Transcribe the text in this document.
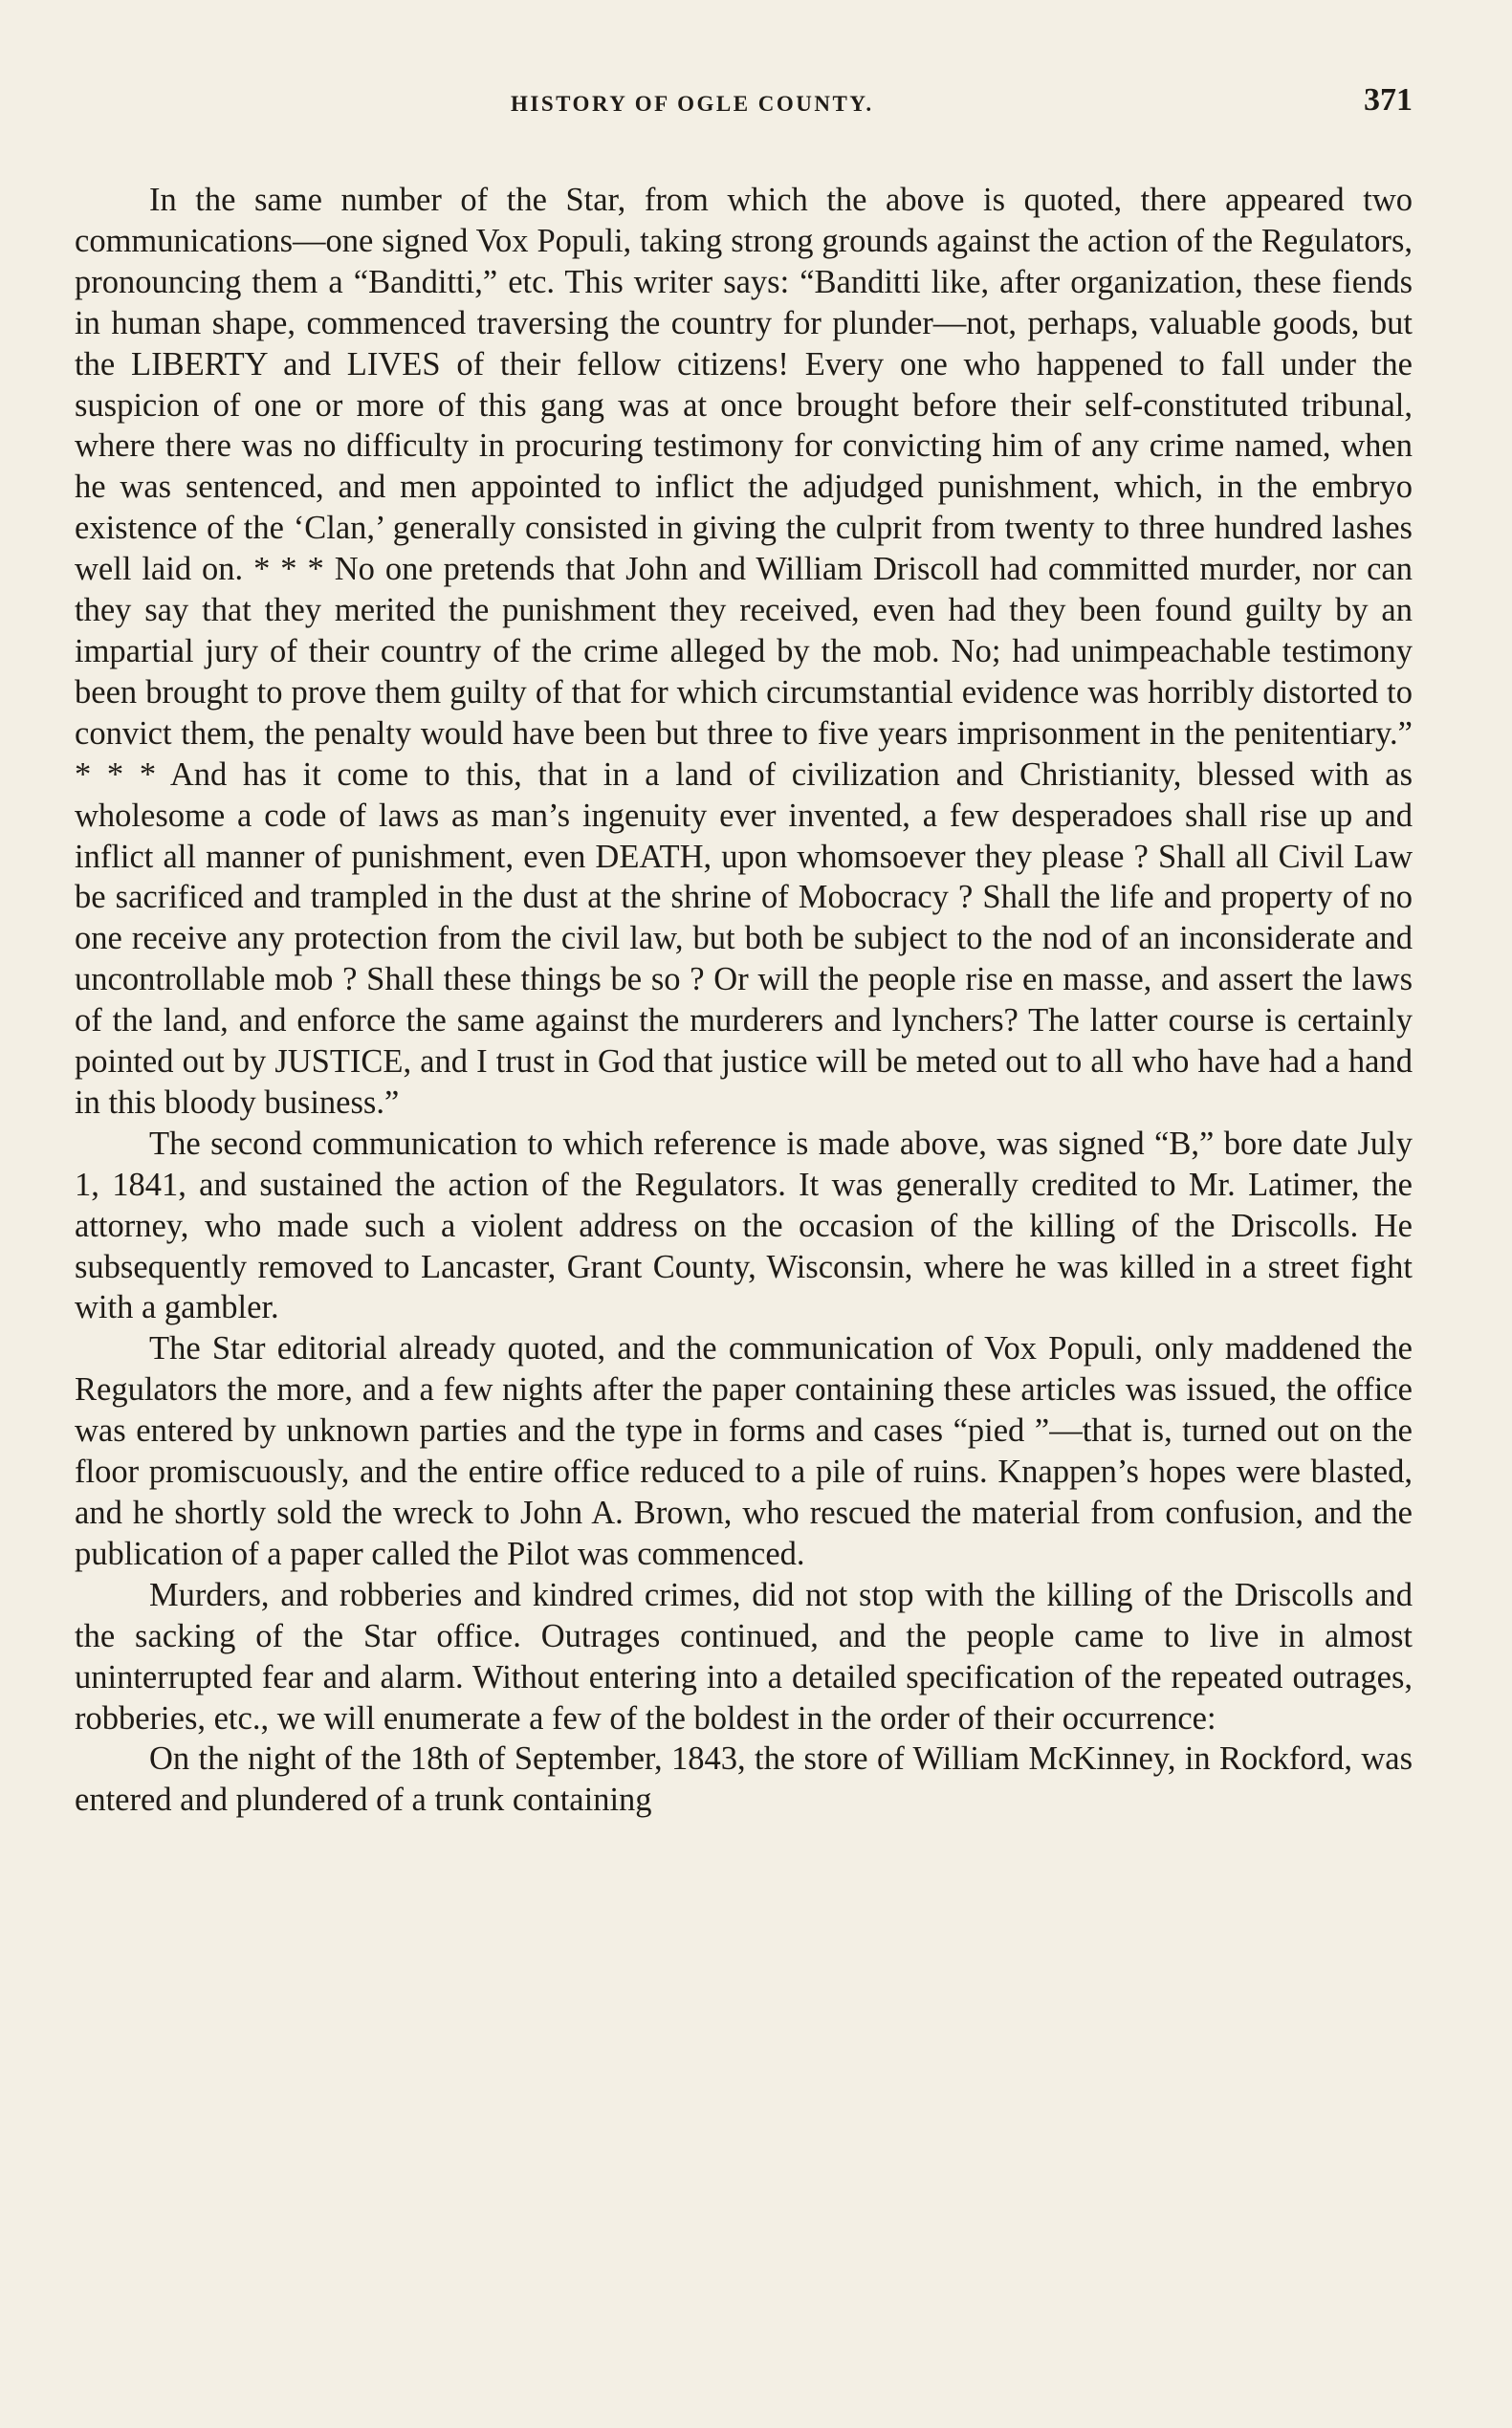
HISTORY OF OGLE COUNTY.	371

In the same number of the Star, from which the above is quoted, there appeared two communications—one signed Vox Populi, taking strong grounds against the action of the Regulators, pronouncing them a “Banditti,” etc. This writer says: “Banditti like, after organization, these fiends in human shape, commenced traversing the country for plunder—not, perhaps, valuable goods, but the LIBERTY and LIVES of their fellow citizens! Every one who happened to fall under the suspicion of one or more of this gang was at once brought before their self-constituted tribunal, where there was no difficulty in procuring testimony for convicting him of any crime named, when he was sentenced, and men appointed to inflict the adjudged punishment, which, in the embryo existence of the ‘Clan,’ generally consisted in giving the culprit from twenty to three hundred lashes well laid on. * * * No one pretends that John and William Driscoll had committed murder, nor can they say that they merited the punishment they received, even had they been found guilty by an impartial jury of their country of the crime alleged by the mob. No; had unimpeachable testimony been brought to prove them guilty of that for which circumstantial evidence was horribly distorted to convict them, the penalty would have been but three to five years imprisonment in the penitentiary.” * * * And has it come to this, that in a land of civilization and Christianity, blessed with as wholesome a code of laws as man’s ingenuity ever invented, a few desperadoes shall rise up and inflict all manner of punishment, even DEATH, upon whomsoever they please ? Shall all Civil Law be sacrificed and trampled in the dust at the shrine of Mobocracy ? Shall the life and property of no one receive any protection from the civil law, but both be subject to the nod of an inconsiderate and uncontrollable mob ? Shall these things be so ? Or will the people rise en masse, and assert the laws of the land, and enforce the same against the murderers and lynchers? The latter course is certainly pointed out by JUSTICE, and I trust in God that justice will be meted out to all who have had a hand in this bloody business.”

The second communication to which reference is made above, was signed “B,” bore date July 1, 1841, and sustained the action of the Regulators. It was generally credited to Mr. Latimer, the attorney, who made such a violent address on the occasion of the killing of the Driscolls. He subsequently removed to Lancaster, Grant County, Wisconsin, where he was killed in a street fight with a gambler.

The Star editorial already quoted, and the communication of Vox Populi, only maddened the Regulators the more, and a few nights after the paper containing these articles was issued, the office was entered by unknown parties and the type in forms and cases “pied ”—that is, turned out on the floor promiscuously, and the entire office reduced to a pile of ruins. Knappen’s hopes were blasted, and he shortly sold the wreck to John A. Brown, who rescued the material from confusion, and the publication of a paper called the Pilot was commenced.

Murders, and robberies and kindred crimes, did not stop with the killing of the Driscolls and the sacking of the Star office. Outrages continued, and the people came to live in almost uninterrupted fear and alarm. Without entering into a detailed specification of the repeated outrages, robberies, etc., we will enumerate a few of the boldest in the order of their occurrence:

On the night of the 18th of September, 1843, the store of William McKinney, in Rockford, was entered and plundered of a trunk containing
